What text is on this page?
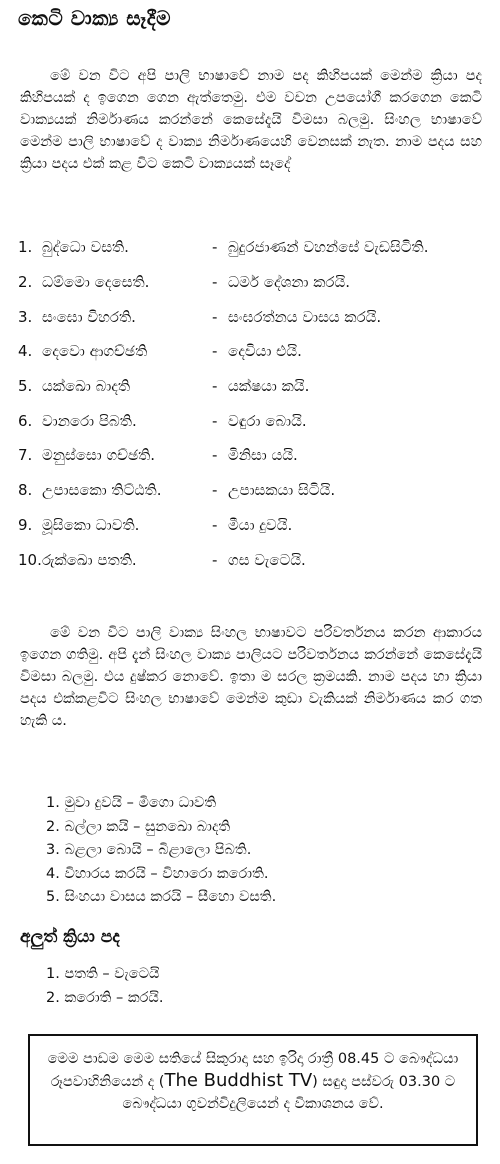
කෙටි වාක්‍ය සෑදීම
මේ වන විට අපි පාලි භාෂාවේ නාම පද කිහිපයක් මෙන්ම ක්‍රියා පද කිහිපයක් ද ඉගෙන ගෙන ඇත්තෙමු. එම වචන උපයෝගී කරගෙන කෙටි වාක්‍යයක් නිර්මාණය කරන්නේ කෙසේදැයි විමසා බලමු. සිංහල භාෂාවේ මෙන්ම පාලි භාෂාවේ ද වාක්‍ය නිර්මාණයෙහි වෙනසක් නැත. නාම පදය සහ ක්‍රියා පදය එක් කළ විට කෙටි වාක්‍යයක් සෑදේ
1. බුද්ධො වසති.	- බුදුරජාණන් වහන්සේ වැඩසිටිති.
2. ධම්මො දෙසෙති.	- ධර්ම දේශනා කරයි.
3. සංඝො විහරති.	- සංඝරත්නය වාසය කරයි.
4. දෙවො ආගච්ඡති	- දෙවියා එයි.
5. යක්ඛො බාදති	- යක්ෂයා කයි.
6. වානරො පිබති.	- වඳුරා බොයි.
7. මනුස්සො ගච්ඡති.	- මිනිසා යයි.
8. උපාසකො තිට්ඨති.	- උපාසකයා සිටියි.
9. මූසිකො ධාවති.	- මීයා දුවයි.
10. රුක්ඛො පතති.	- ගස වැටෙයි.
මේ වන විට පාලි වාක්‍ය සිංහල භාෂාවට පරිවර්තනය කරන ආකාරය ඉගෙන ගතිමු. අපි දැන් සිංහල වාක්‍ය පාලියට පරිවර්තනය කරන්නේ කෙසේදැයි විමසා බලමු. එය දුෂ්කර නොවේ. ඉතා ම සරල ක්‍රමයකි. නාම පදය හා ක්‍රියා පදය එක්කළවිට සිංහල භාෂාවේ මෙන්ම කුඩා වැකියක් නිර්මාණය කර ගත හැකි ය.
1. මුවා දුවයි – මිගො ධාවති
2. බල්ලා කයි – සුනඛො බාදති
3. බළලා බොයි – බිළාලො පිබති.
4. විහාරය කරයි – විහාරො කරොති.
5. සිංහයා වාසය කරයි – සීහො වසති.
අලුත් ක්‍රියා පද
1. පතති – වැටෙයි
2. කරොති – කරයි.
මෙම පාඩම මෙම සතියේ සිකුරාදා සහ ඉරිදා රාත්‍රී 08.45 ට බෞද්ධයා රූපවාහිනියෙන් ද (The Buddhist TV) සඳුදා පස්වරු 03.30 ට බෞද්ධයා ගුවන්විදුලියෙන් ද විකාශනය වේ.
